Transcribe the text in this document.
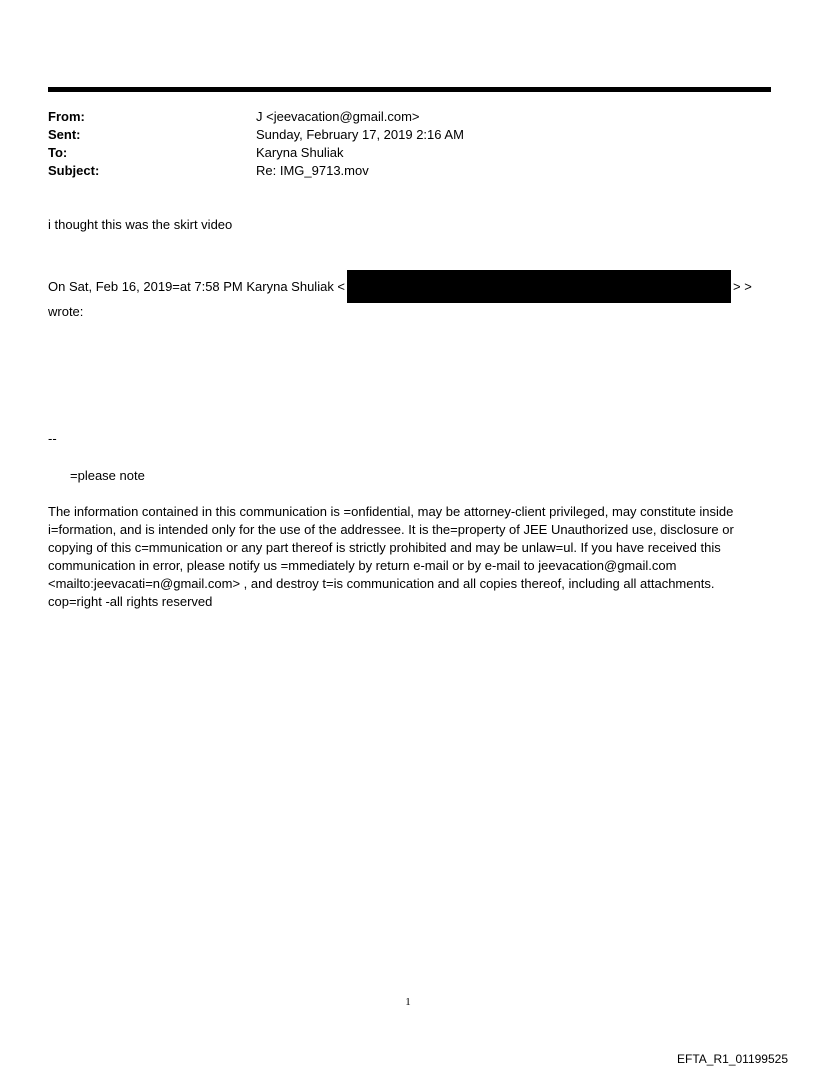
From:	J <jeevacation@gmail.com>
Sent:	Sunday, February 17, 2019 2:16 AM
To:	Karyna Shuliak
Subject:	Re: IMG_9713.mov
i thought this was the skirt video
On Sat, Feb 16, 2019=at 7:58 PM Karyna Shuliak <	> >
wrote:
--
=please note
The information contained in this communication is =onfidential, may be attorney-client privileged, may constitute inside i=formation, and is intended only for the use of the addressee. It is the=property of JEE Unauthorized use, disclosure or copying of this c=mmunication or any part thereof is strictly prohibited and may be unlaw=ul. If you have received this communication in error, please notify us =mmediately by return e-mail or by e-mail to jeevacation@gmail.com <mailto:jeevacati=n@gmail.com> , and destroy t=is communication and all copies thereof, including all attachments. cop=right -all rights reserved
1
EFTA_R1_01199525
